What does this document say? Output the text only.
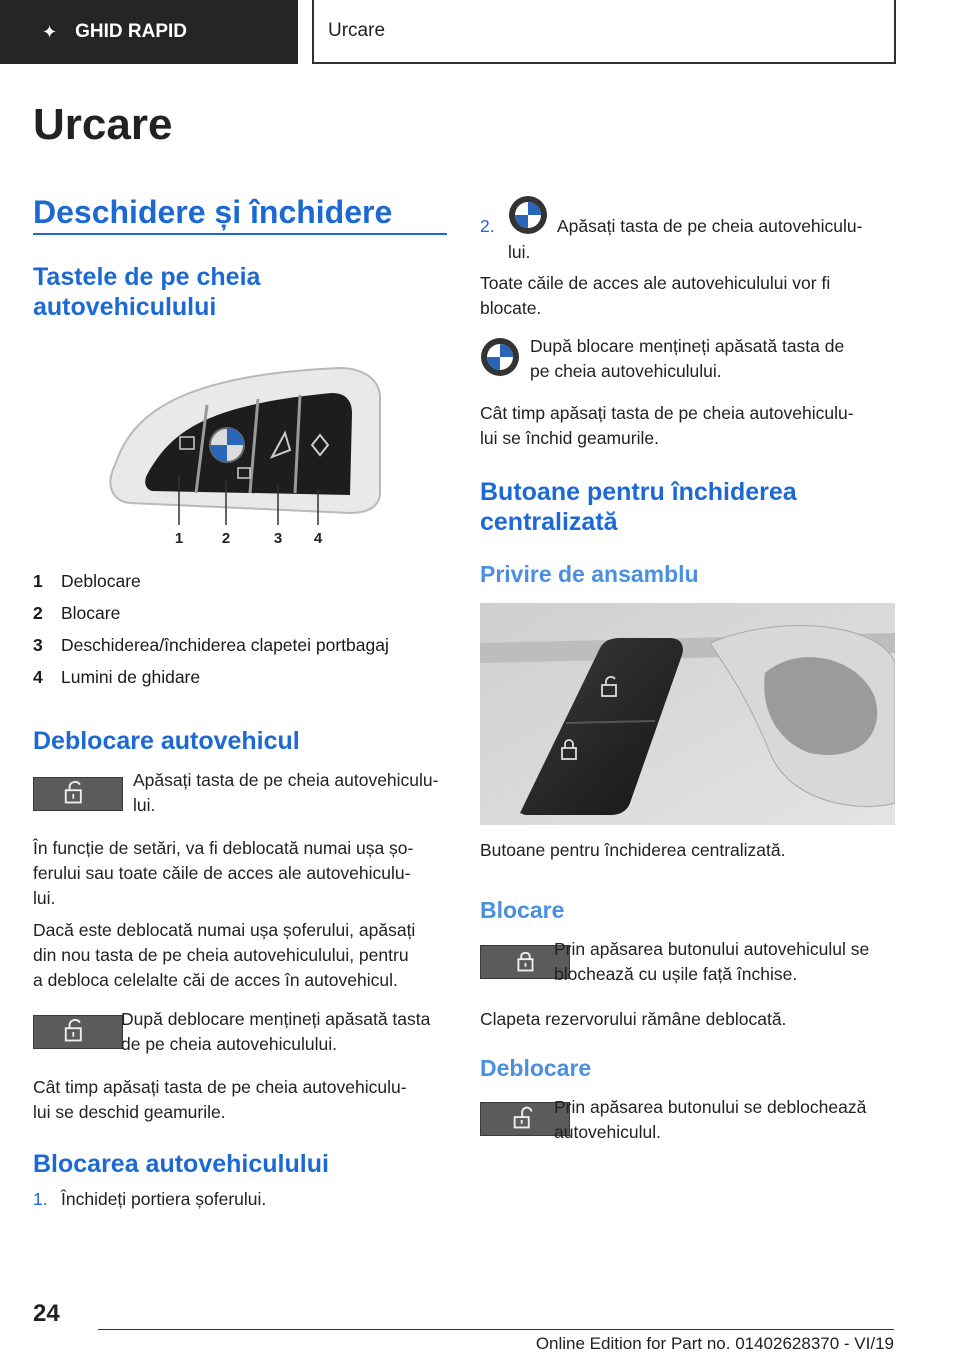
✦ GHID RAPID	Urcare
Urcare
Deschidere și închidere
Tastele de pe cheia autovehiculului
1	2	3 4
1	Deblocare
2	Blocare
3	Deschiderea/închiderea clapetei portbagaj
4	Lumini de ghidare
Deblocare autovehicul

Apăsați tasta de pe cheia autovehiculu-

lui.

În funcție de setări, va fi deblocată numai ușa șo-

ferului sau toate căile de acces ale autovehiculu-

lui.

Dacă este deblocată numai ușa șoferului, apăsați

din nou tasta de pe cheia autovehiculului, pentru

a debloca celelalte căi de acces în autovehicul.

După deblocare mențineți apăsată tasta

de pe cheia autovehiculului.

Cât timp apăsați tasta de pe cheia autovehiculu-

lui se deschid geamurile.

Blocarea autovehiculului
1. Închideți portiera șoferului.
2.	Apăsați tasta de pe cheia autovehiculu-

lui.

Toate căile de acces ale autovehiculului vor fi

blocate.

După blocare mențineți apăsată tasta de

pe cheia autovehiculului.

Cât timp apăsați tasta de pe cheia autovehiculu-

lui se închid geamurile.

Butoane pentru închiderea
centralizată
Privire de ansamblu

Butoane pentru închiderea centralizată.

Blocare

Prin apăsarea butonului autovehiculul se

blochează cu ușile față închise.

Clapeta rezervorului rămâne deblocată.

Deblocare

Prin apăsarea butonului se deblochează

autovehiculul.

24
Online Edition for Part no. 01402628370 - VI/19
